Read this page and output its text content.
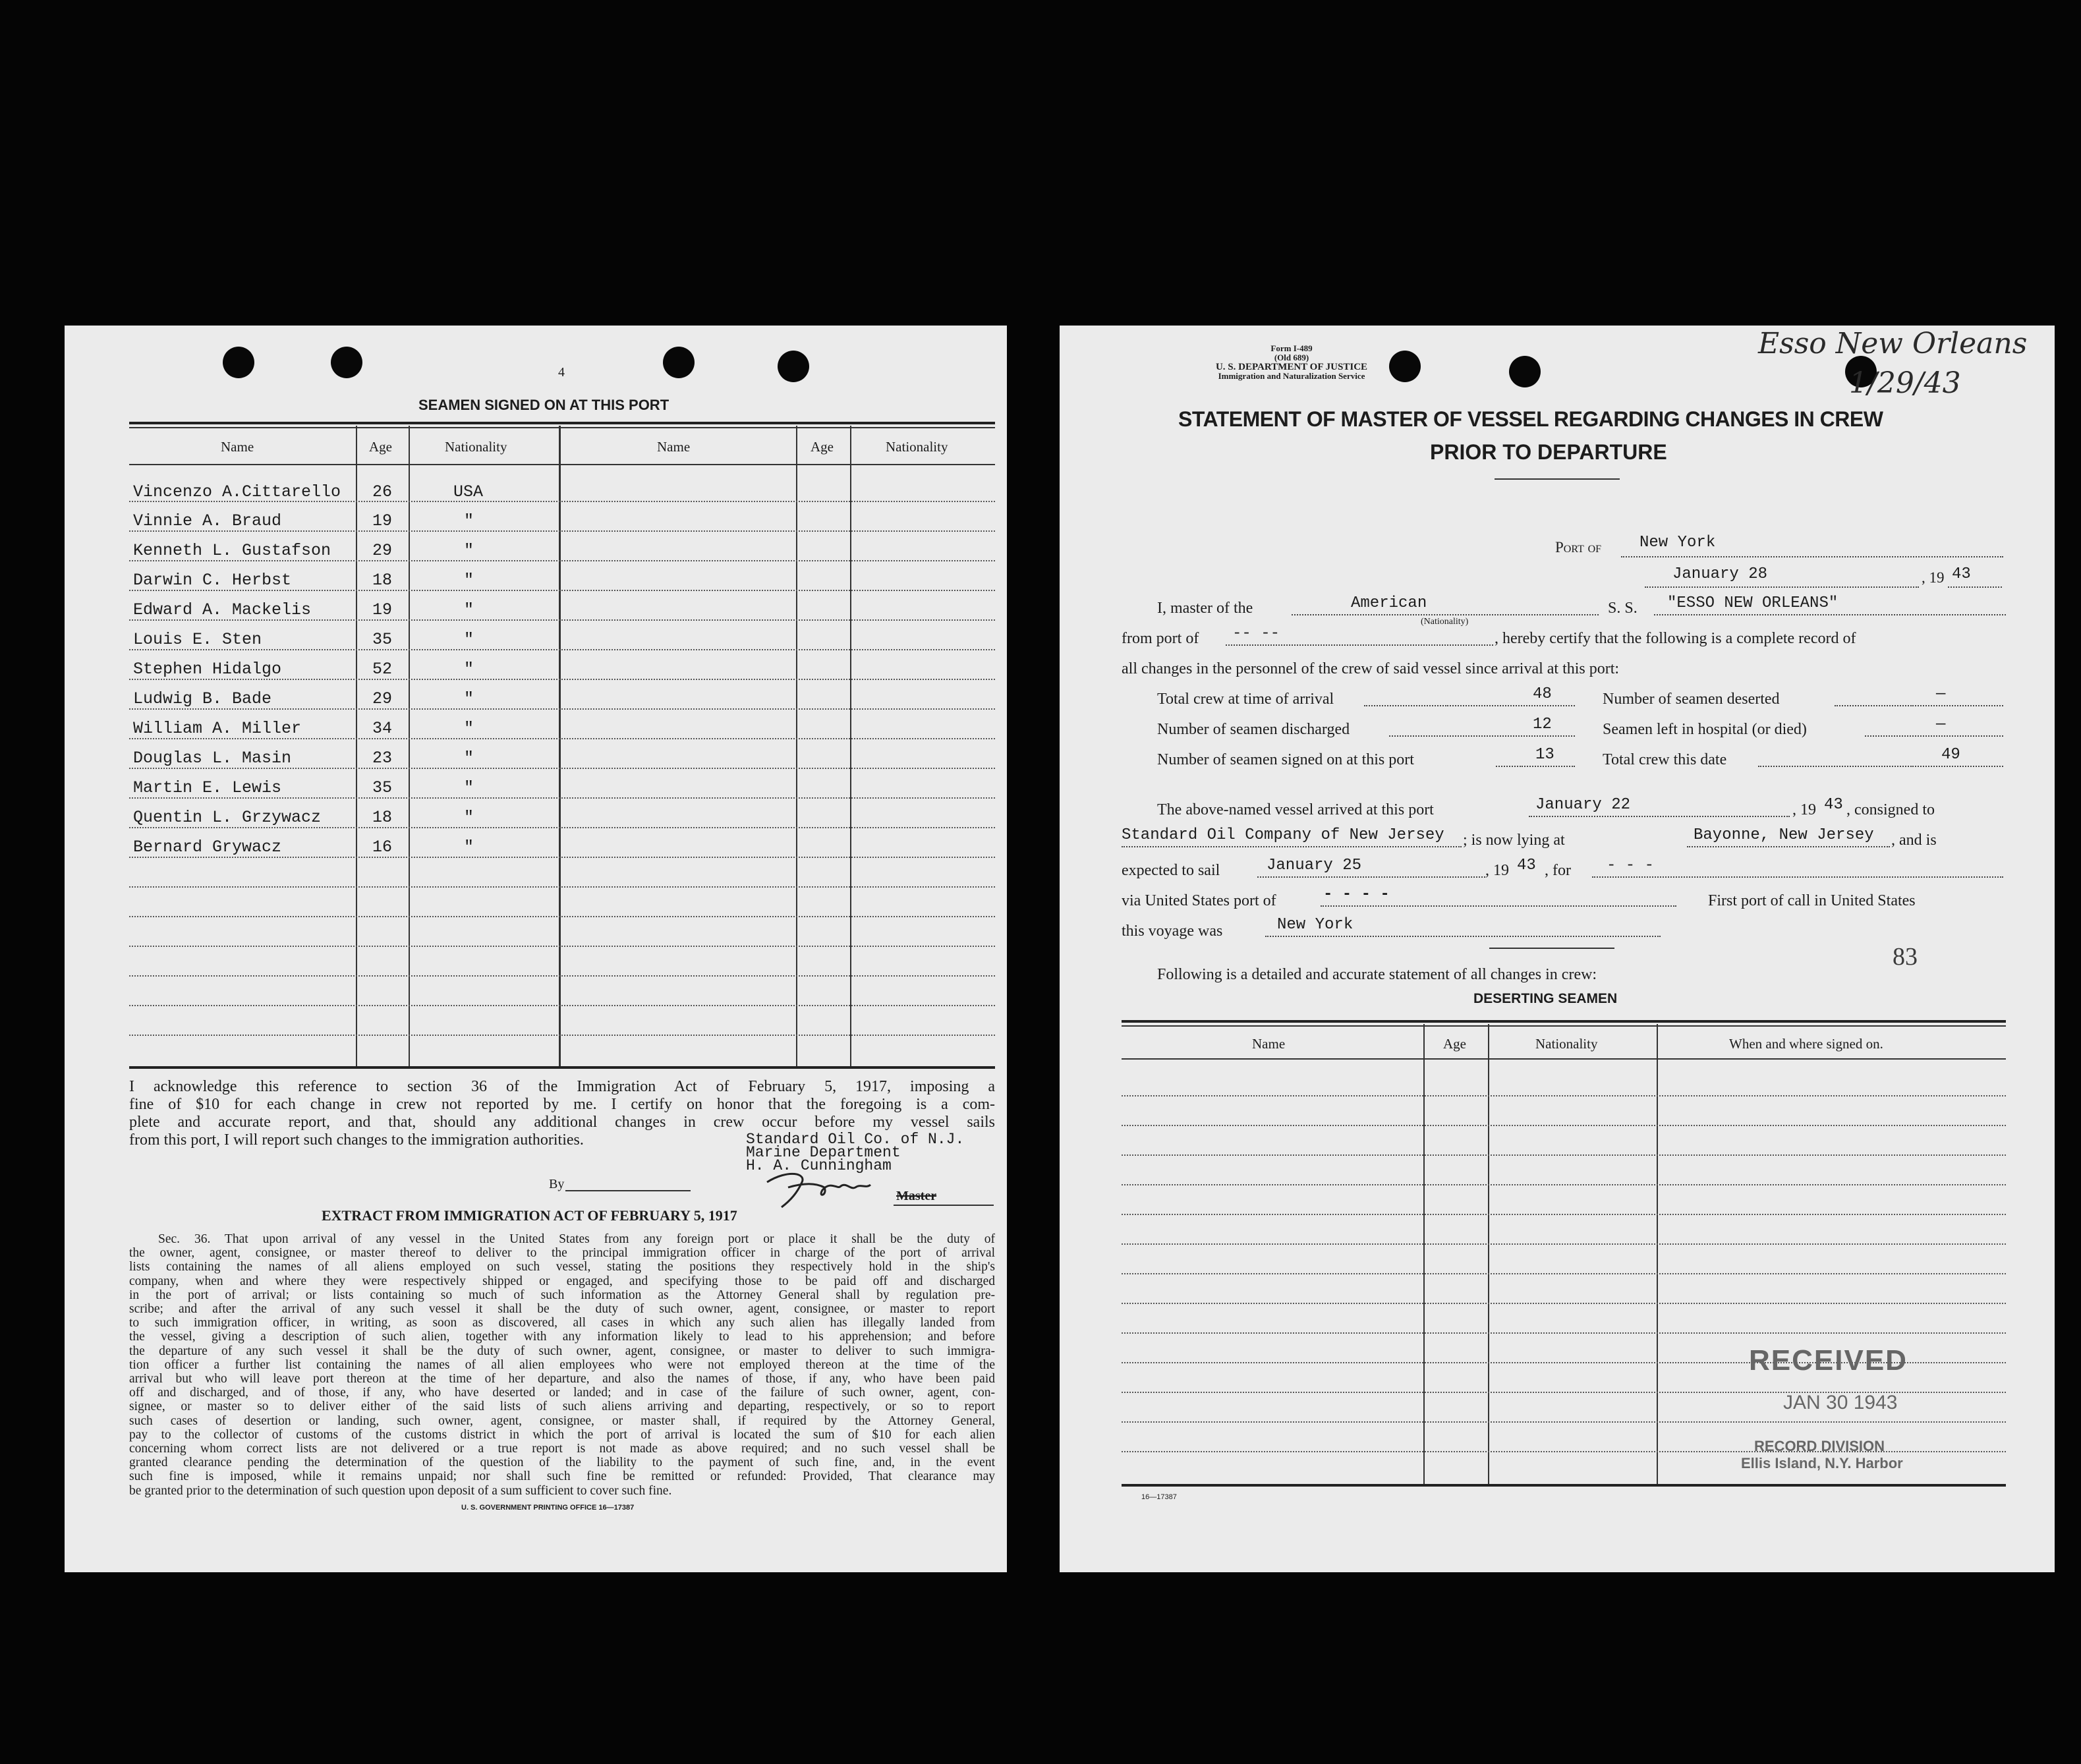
4
SEAMEN SIGNED ON AT THIS PORT
Name	Age	Nationality	Name	Age	Nationality
Vincenzo A.Cittarello 26	USA
Vinnie A. Braud	19	"
Kenneth L. Gustafson	29	"
Darwin C. Herbst	18	"
Edward A. Mackelis	19	"
Louis E. Sten	35	"
Stephen Hidalgo	52	"
Ludwig B. Bade	29	"
William A. Miller	34	"
Douglas L. Masin	23	"
Martin E. Lewis	35	"
Quentin L. Grzywacz	18	"
Bernard Grywacz	16	"
I acknowledge this reference to section 36 of the Immigration Act of February 5, 1917, imposing a
fine of $10 for each change in crew not reported by me. I certify on honor that the foregoing is a com-
plete and accurate report, and that, should any additional changes in crew occur before my vessel sails
from this port, I will report such changes to the immigration authorities.	Standard Oil Co. of N.J.
Marine Department
H. A. Cunningham
By
Master
EXTRACT FROM IMMIGRATION ACT OF FEBRUARY 5, 1917
Sec. 36. That upon arrival of any vessel in the United States from any foreign port or place it shall be the duty of
the owner, agent, consignee, or master thereof to deliver to the principal immigration officer in charge of the port of arrival
lists containing the names of all aliens employed on such vessel, stating the positions they respectively hold in the ship's
company, when and where they were respectively shipped or engaged, and specifying those to be paid off and discharged
in the port of arrival; or lists containing so much of such information as the Attorney General shall by regulation pre-
scribe; and after the arrival of any such vessel it shall be the duty of such owner, agent, consignee, or master to report
to such immigration officer, in writing, as soon as discovered, all cases in which any such alien has illegally landed from
the vessel, giving a description of such alien, together with any information likely to lead to his apprehension; and before
the departure of any such vessel it shall be the duty of such owner, agent, consignee, or master to deliver to such immigra-
tion officer a further list containing the names of all alien employees who were not employed thereon at the time of the
arrival but who will leave port thereon at the time of her departure, and also the names of those, if any, who have been paid
off and discharged, and of those, if any, who have deserted or landed; and in case of the failure of such owner, agent, con-
signee, or master so to deliver either of the said lists of such aliens arriving and departing, respectively, or so to report
such cases of desertion or landing, such owner, agent, consignee, or master shall, if required by the Attorney General,
pay to the collector of customs of the customs district in which the port of arrival is located the sum of $10 for each alien
concerning whom correct lists are not delivered or a true report is not made as above required; and no such vessel shall be
granted clearance pending the determination of the question of the liability to the payment of such fine, and, in the event
such fine is imposed, while it remains unpaid; nor shall such fine be remitted or refunded: Provided, That clearance may
be granted prior to the determination of such question upon deposit of a sum sufficient to cover such fine.
U. S. GOVERNMENT PRINTING OFFICE 16—17387
Form I-489
(Old 689)
U. S. DEPARTMENT OF JUSTICE
Immigration and Naturalization Service
Esso New Orleans
1/29/43
STATEMENT OF MASTER OF VESSEL REGARDING CHANGES IN CREW
PRIOR TO DEPARTURE
Port of New York
January 28	, 19 43
I, master of the	American
(Nationality)
S. S. "ESSO NEW ORLEANS"
from port of -- --	, hereby certify that the following is a complete record of
all changes in the personnel of the crew of said vessel since arrival at this port:
Total crew at time of arrival	48	Number of seamen deserted	—
Number of seamen discharged	12	Seamen left in hospital (or died)	—
Number of seamen signed on at this port	13	Total crew this date	49
The above-named vessel arrived at this port	January 22	, 19 43 , consigned to
Standard Oil Company of New Jersey ; is now lying at	Bayonne, New Jersey , and is
expected to sail	January 25	, 19 43 , for - - -
via United States port of	- - - -	First port of call in United States
this voyage was	New York
83
Following is a detailed and accurate statement of all changes in crew:
DESERTING SEAMEN
Name	Age	Nationality	When and where signed on.
RECEIVED
JAN 30 1943
RECORD DIVISION
Ellis Island, N.Y. Harbor
16—17387
